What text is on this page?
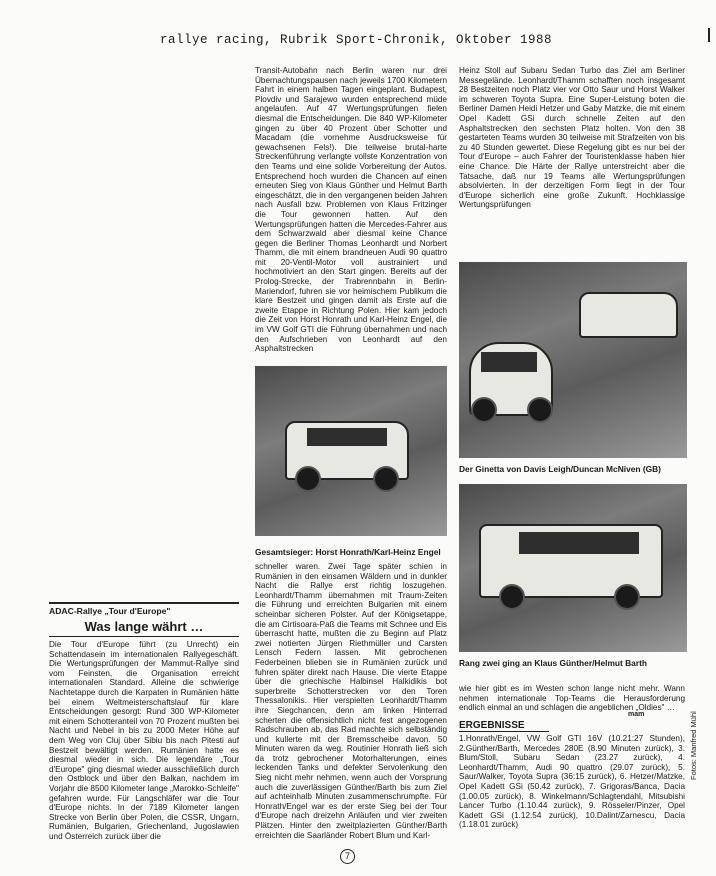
rallye racing, Rubrik Sport-Chronik, Oktober 1988
ADAC-Rallye „Tour d'Europe"
Was lange währt …

Die Tour d'Europe führt (zu Unrecht) ein Schattendasein im internationalen Rallyegeschäft. Die Wertungsprüfungen der Mammut-Rallye sind vom Feinsten, die Organisation erreicht internationalen Standard. Alleine die schwierige Nachtetappe durch die Karpaten in Rumänien hätte bei einem Weltmeisterschaftslauf für klare Entscheidungen gesorgt: Rund 300 WP-Kilometer mit einem Schotteranteil von 70 Prozent mußten bei Nacht und Nebel in bis zu 2000 Meter Höhe auf dem Weg von Cluj über Sibiu bis nach Pitesti auf Bestzeit bewältigt werden. Rumänien hatte es diesmal wieder in sich. Die legendäre „Tour d'Europe" ging diesmal wieder ausschließlich durch den Ostblock und über den Balkan, nachdem im Vorjahr die 8500 Kilometer lange „Marokko-Schleife" gefahren wurde. Für Langschläfer war die Tour d'Europe nichts. In der 7189 Kilometer langen Strecke von Berlin über Polen, die CSSR, Ungarn, Rumänien, Bulgarien, Griechenland, Jugoslawien und Österreich zurück über die

Transit-Autobahn nach Berlin waren nur drei Übernachtungspausen nach jeweils 1700 Kilometern Fahrt in einem halben Tagen eingeplant. Budapest, Plovdiv und Sarajewo wurden entsprechend müde angelaufen. Auf 47 Wertungsprüfungen fielen diesmal die Entscheidungen. Die 840 WP-Kilometer gingen zu über 40 Prozent über Schotter und Macadam (die vornehme Ausdrucksweise für gewachsenen Fels!). Die teilweise brutal-harte Streckenführung verlangte vollste Konzentration von den Teams und eine solide Vorbereitung der Autos. Entsprechend hoch wurden die Chancen auf einen erneuten Sieg von Klaus Günther und Helmut Barth eingeschätzt, die in den vergangenen beiden Jahren nach Ausfall bzw. Problemen von Klaus Fritzinger die Tour gewonnen hatten. Auf den Wertungsprüfungen hatten die Mercedes-Fahrer aus dem Schwarzwald aber diesmal keine Chance gegen die Berliner Thomas Leonhardt und Norbert Thamm, die mit einem brandneuen Audi 90 quattro mit 20-Ventil-Motor voll austrainiert und hochmotiviert an den Start gingen. Bereits auf der Prolog-Strecke, der Trabrennbahn in Berlin-Mariendorf, fuhren sie vor heimischem Publikum die klare Bestzeit und gingen damit als Erste auf die zweite Etappe in Richtung Polen. Hier kam jedoch die Zeit von Horst Honrath und Karl-Heinz Engel, die im VW Golf GTI die Führung übernahmen und nach den Aufschrieben von Leonhardt auf den Asphaltstrecken

schneller waren. Zwei Tage später schien in Rumänien in den einsamen Wäldern und in dunkler Nacht die Rallye erst richtig loszugehen. Leonhardt/Thamm übernahmen mit Traum-Zeiten die Führung und erreichten Bulgarien mit einem scheinbar sicheren Polster. Auf der Königsetappe, die am Cirtisoara-Paß die Teams mit Schnee und Eis überrascht hatte, mußten die zu Beginn auf Platz zwei notierten Jürgen Riethmüller und Carsten Lensch Federn lassen. Mit gebrochenen Federbeinen blieben sie in Rumänien zurück und fuhren später direkt nach Hause. Die vierte Etappe über die griechische Halbinsel Halkidikis bot superbreite Schotterstrecken vor den Toren Thessalonikis. Hier verspielten Leonhardt/Thamm ihre Siegchancen, denn am linken Hinterrad scherten die offensichtlich nicht fest angezogenen Radschrauben ab, das Rad machte sich selbständig und kullerte mit der Bremsscheibe davon. 50 Minuten waren da weg. Routinier Honrath ließ sich da trotz gebrochener Motorhalterungen, eines leckenden Tanks und defekter Servolenkung den Sieg nicht mehr nehmen, wenn auch der Vorsprung auch die zuverlässigen Günther/Barth bis zum Ziel auf achteinhalb Minuten zusammenschrumpfte. Für Honrath/Engel war es der erste Sieg bei der Tour d'Europe nach dreizehn Anläufen und vier zweiten Plätzen. Hinter den zweitplazierten Günther/Barth erreichten die Saarländer Robert Blum und Karl-

Heinz Stoll auf Subaru Sedan Turbo das Ziel am Berliner Messegelände. Leonhardt/Thamm schafften noch insgesamt 28 Bestzeiten noch Platz vier vor Otto Saur und Horst Walker im schweren Toyota Supra. Eine Super-Leistung boten die Berliner Damen Heidi Hetzer und Gaby Matzke, die mit einem Opel Kadett GSi durch schnelle Zeiten auf den Asphaltstrecken den sechsten Platz holten. Von den 38 gestarteten Teams wurden 30 teilweise mit Strafzeiten von bis zu 40 Stunden gewertet. Diese Regelung gibt es nur bei der Tour d'Europe – auch Fahrer der Touristenklasse haben hier eine Chance. Die Härte der Rallye unterstreicht aber die Tatsache, daß nur 19 Teams alle Wertungsprüfungen absolvierten. In der derzeitigen Form liegt in der Tour d'Europe sicherlich eine große Zukunft. Hochklassige Wertungsprüfungen

wie hier gibt es im Westen schon lange nicht mehr. Wann nehmen internationale Top-Teams die Herausforderung endlich einmal an und schlagen die angeblichen „Oldies" …

mam
Gesamtsieger: Horst Honrath/Karl-Heinz Engel
Der Ginetta von Davis Leigh/Duncan McNiven (GB)
Rang zwei ging an Klaus Günther/Helmut Barth
ERGEBNISSE
1.Honrath/Engel, VW Golf GTI 16V (10.21:27 Stunden), 2.Günther/Barth, Mercedes 280E (8.90 Minuten zurück), 3. Blum/Stoll, Subaru Sedan (23.27 zurück), 4. Leonhardt/Thamm, Audi 90 quattro (29.07 zurück), 5. Saur/Walker, Toyota Supra (36:15 zurück), 6. Hetzer/Matzke, Opel Kadett GSi (50.42 zurück), 7. Grigoras/Banca, Dacia (1.00.05 zurück), 8. Winkelmann/Schlagtendahl, Mitsubishi Lancer Turbo (1.10.44 zurück), 9. Rösseler/Pinzer, Opel Kadett GSi (1.12.54 zurück), 10.Dalint/Zarnescu, Dacia (1.18.01 zurück)
Fotos: Manfred Mühl
7
